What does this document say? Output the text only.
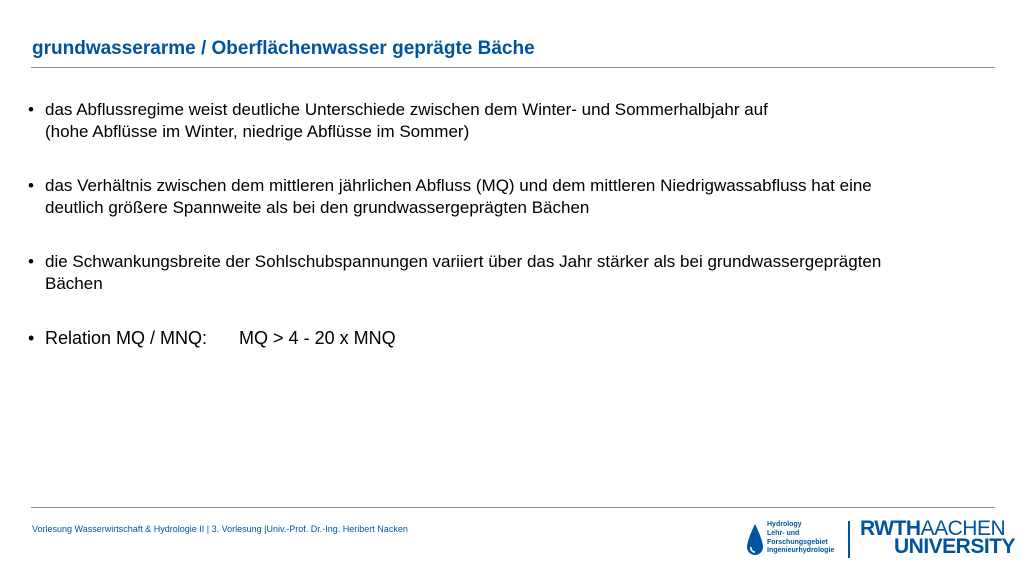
grundwasserarme / Oberflächenwasser geprägte Bäche
• das Abflussregime weist deutliche Unterschiede zwischen dem Winter- und Sommerhalbjahr auf
(hohe Abflüsse im Winter, niedrige Abflüsse im Sommer)
• das Verhältnis zwischen dem mittleren jährlichen Abfluss (MQ) und dem mittleren Niedrigwassabfluss hat eine
deutlich größere Spannweite als bei den grundwassergeprägten Bächen
• die Schwankungsbreite der Sohlschubspannungen variiert über das Jahr stärker als bei grundwassergeprägten
Bächen
• Relation MQ / MNQ: MQ > 4 - 20 x MNQ
Vorlesung Wasserwirtschaft & Hydrologie II | 3. Vorlesung |Univ.-Prof. Dr.-Ing. Heribert Nacken	Hydrology
Lehr- und
Forschungsgebiet
Ingenieurhydrologie
RWTHAACHEN
UNIVERSITY
